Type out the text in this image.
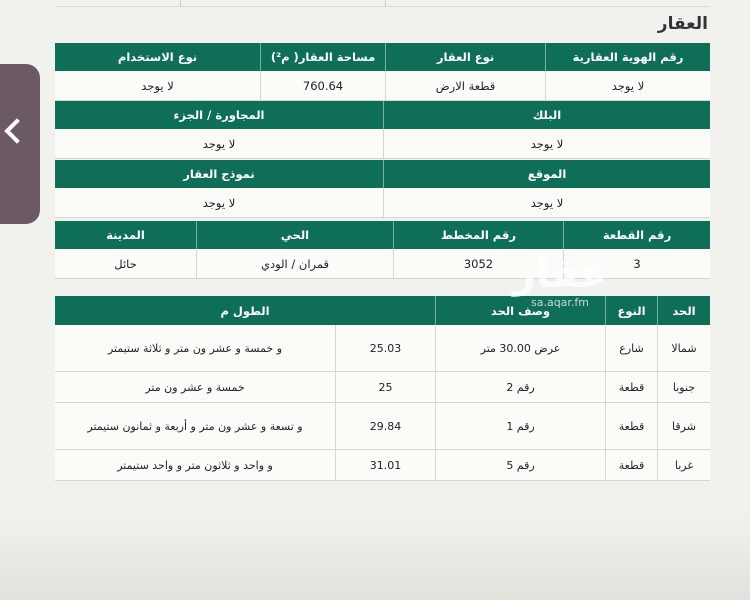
العقار
رقم الهوية العقارية
نوع العقار
مساحة العقار( م²)
نوع الاستخدام
لا يوجد
قطعة الارض
760.64
لا يوجد
البلك
المجاورة / الجزء
لا يوجد
لا يوجد
الموقع
نموذج العقار
لا يوجد
لا يوجد
رقم القطعة
رقم المخطط
الحي
المدينة
3
3052
قمران / الودي
حائل
الحد
النوع
وصف الحد
الطول م
شمالا
شارع
عرض 30.00 متر
25.03
و خمسة و عشر ون متر و ثلاثة ستيمتر
جنوبا
قطعة
رقم 2
25
خمسة و عشر ون متر
شرقا
قطعة
رقم 1
29.84
و تسعة و عشر ون متر و أربعة و ثمانون ستيمتر
غربا
قطعة
رقم 5
31.01
و واحد و ثلاثون متر و واحد ستيمتر
عقار
sa.aqar.fm
